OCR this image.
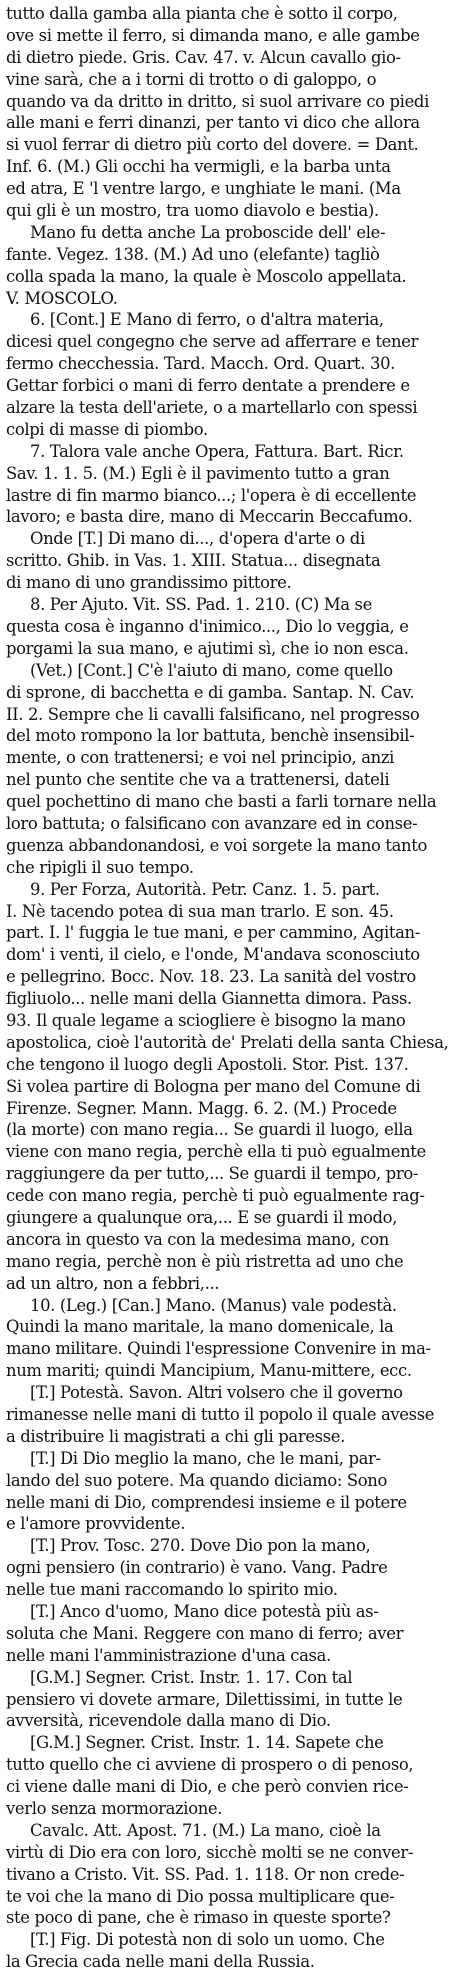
tutto dalla gamba alla pianta che è sotto il corpo,
ove si mette il ferro, si dimanda mano, e alle gambe
di dietro piede. Gris. Cav. 47. v. Alcun cavallo gio-
vine sarà, che a i torni di trotto o di galoppo, o
quando va da dritto in dritto, si suol arrivare co piedi
alle mani e ferri dinanzi, per tanto vi dico che allora
si vuol ferrar di dietro più corto del dovere. = Dant.
Inf. 6. (M.) Gli occhi ha vermigli, e la barba unta
ed atra, E 'l ventre largo, e unghiate le mani. (Ma
qui gli è un mostro, tra uomo diavolo e bestia).
Mano fu detta anche La proboscide dell' ele-
fante. Vegez. 138. (M.) Ad uno (elefante) tagliò
colla spada la mano, la quale è Moscolo appellata.
V. MOSCOLO.
6. [Cont.] E Mano di ferro, o d'altra materia,
dicesi quel congegno che serve ad afferrare e tener
fermo checchessia. Tard. Macch. Ord. Quart. 30.
Gettar forbici o mani di ferro dentate a prendere e
alzare la testa dell'ariete, o a martellarlo con spessi
colpi di masse di piombo.
7. Talora vale anche Opera, Fattura. Bart. Ricr.
Sav. 1. 1. 5. (M.) Egli è il pavimento tutto a gran
lastre di fin marmo bianco...; l'opera è di eccellente
lavoro; e basta dire, mano di Meccarin Beccafumo.
Onde [T.] Di mano di..., d'opera d'arte o di
scritto. Ghib. in Vas. 1. XIII. Statua... disegnata
di mano di uno grandissimo pittore.
8. Per Ajuto. Vit. SS. Pad. 1. 210. (C) Ma se
questa cosa è inganno d'inimico..., Dio lo veggia, e
porgami la sua mano, e ajutimi sì, che io non esca.
(Vet.) [Cont.] C'è l'aiuto di mano, come quello
di sprone, di bacchetta e di gamba. Santap. N. Cav.
II. 2. Sempre che li cavalli falsificano, nel progresso
del moto rompono la lor battuta, benchè insensibil-
mente, o con trattenersi; e voi nel principio, anzi
nel punto che sentite che va a trattenersi, dateli
quel pochettino di mano che basti a farli tornare nella
loro battuta; o falsificano con avanzare ed in conse-
guenza abbandonandosi, e voi sorgete la mano tanto
che ripigli il suo tempo.
9. Per Forza, Autorità. Petr. Canz. 1. 5. part.
I. Nè tacendo potea di sua man trarlo. E son. 45.
part. I. l' fuggia le tue mani, e per cammino, Agitan-
dom' i venti, il cielo, e l'onde, M'andava sconosciuto
e pellegrino. Bocc. Nov. 18. 23. La sanità del vostro
figliuolo... nelle mani della Giannetta dimora. Pass.
93. Il quale legame a sciogliere è bisogno la mano
apostolica, cioè l'autorità de' Prelati della santa Chiesa,
che tengono il luogo degli Apostoli. Stor. Pist. 137.
Si volea partire di Bologna per mano del Comune di
Firenze. Segner. Mann. Magg. 6. 2. (M.) Procede
(la morte) con mano regia... Se guardi il luogo, ella
viene con mano regia, perchè ella ti può egualmente
raggiungere da per tutto,... Se guardi il tempo, pro-
cede con mano regia, perchè ti può egualmente rag-
giungere a qualunque ora,... E se guardi il modo,
ancora in questo va con la medesima mano, con
mano regia, perchè non è più ristretta ad uno che
ad un altro, non a febbri,...
10. (Leg.) [Can.] Mano. (Manus) vale podestà.
Quindi la mano maritale, la mano domenicale, la
mano militare. Quindi l'espressione Convenire in ma-
num mariti; quindi Mancipium, Manu-mittere, ecc.
[T.] Potestà. Savon. Altri volsero che il governo
rimanesse nelle mani di tutto il popolo il quale avesse
a distribuire li magistrati a chi gli paresse.
[T.] Di Dio meglio la mano, che le mani, par-
lando del suo potere. Ma quando diciamo: Sono
nelle mani di Dio, comprendesi insieme e il potere
e l'amore provvidente.
[T.] Prov. Tosc. 270. Dove Dio pon la mano,
ogni pensiero (in contrario) è vano. Vang. Padre
nelle tue mani raccomando lo spirito mio.
[T.] Anco d'uomo, Mano dice potestà più as-
soluta che Mani. Reggere con mano di ferro; aver
nelle mani l'amministrazione d'una casa.
[G.M.] Segner. Crist. Instr. 1. 17. Con tal
pensiero vi dovete armare, Dilettissimi, in tutte le
avversità, ricevendole dalla mano di Dio.
[G.M.] Segner. Crist. Instr. 1. 14. Sapete che
tutto quello che ci avviene di prospero o di penoso,
ci viene dalle mani di Dio, e che però convien rice-
verlo senza mormorazione.
Cavalc. Att. Apost. 71. (M.) La mano, cioè la
virtù di Dio era con loro, sicchè molti se ne conver-
tivano a Cristo. Vit. SS. Pad. 1. 118. Or non crede-
te voi che la mano di Dio possa multiplicare que-
ste poco di pane, che è rimaso in queste sporte?
[T.] Fig. Di potestà non di solo un uomo. Che
la Grecia cada nelle mani della Russia.
